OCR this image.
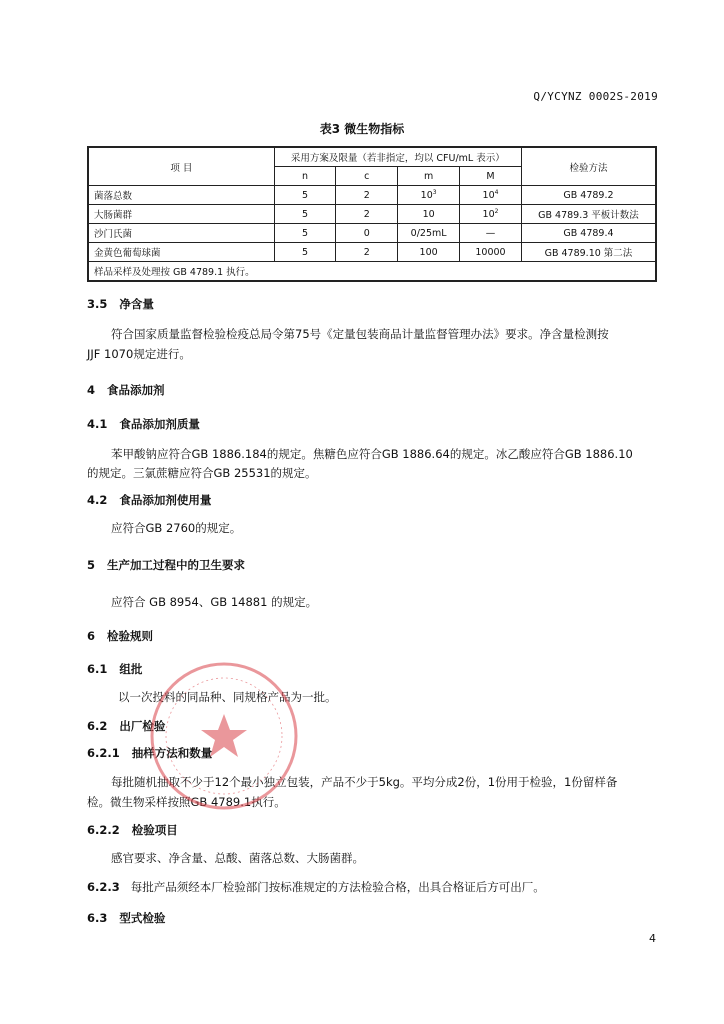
Q/YCYNZ 0002S-2019
表3 微生物指标
项 目	采用方案及限量（若非指定，均以 CFU/mL 表示）				检验方法
	n	c	m	M	
菌落总数	5	2	$10^3$	$10^4$	GB 4789.2
大肠菌群	5	2	10	$10^2$	GB 4789.3 平板计数法
沙门氏菌	5	0	0/25mL	—	GB 4789.4
金黄色葡萄球菌	5	2	100	10000	GB 4789.10 第二法
样品采样及处理按 GB 4789.1 执行。					
3.5 净含量
符合国家质量监督检验检疫总局令第75号《定量包装商品计量监督管理办法》要求。净含量检测按
JJF 1070规定进行。
4 食品添加剂
4.1 食品添加剂质量
苯甲酸钠应符合GB 1886.184的规定。焦糖色应符合GB 1886.64的规定。冰乙酸应符合GB 1886.10
的规定。三氯蔗糖应符合GB 25531的规定。
4.2 食品添加剂使用量
应符合GB 2760的规定。
5 生产加工过程中的卫生要求
应符合 GB 8954、GB 14881 的规定。
6 检验规则
6.1 组批
以一次投料的同品种、同规格产品为一批。
6.2 出厂检验
6.2.1 抽样方法和数量
每批随机抽取不少于12个最小独立包装，产品不少于5kg。平均分成2份，1份用于检验，1份留样备
检。微生物采样按照GB 4789.1执行。
6.2.2 检验项目
感官要求、净含量、总酸、菌落总数、大肠菌群。
6.2.3 每批产品须经本厂检验部门按标准规定的方法检验合格，出具合格证后方可出厂。
6.3 型式检验
4
